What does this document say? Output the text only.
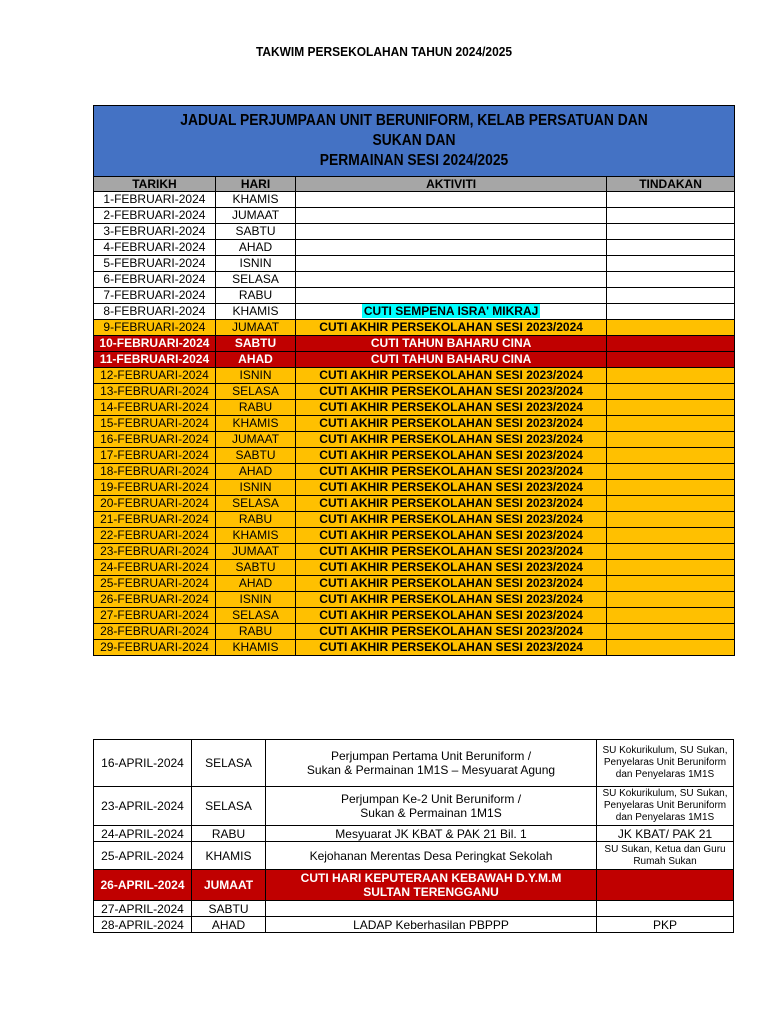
TAKWIM PERSEKOLAHAN TAHUN 2024/2025
JADUAL PERJUMPAAN UNIT BERUNIFORM, KELAB PERSATUAN DAN SUKAN DAN
PERMAINAN SESI 2024/2025
TARIKH	HARI	AKTIVITI	TINDAKAN
1-FEBRUARI-2024	KHAMIS		
2-FEBRUARI-2024	JUMAAT		
3-FEBRUARI-2024	SABTU		
4-FEBRUARI-2024	AHAD		
5-FEBRUARI-2024	ISNIN		
6-FEBRUARI-2024	SELASA		
7-FEBRUARI-2024	RABU		
8-FEBRUARI-2024	KHAMIS	CUTI SEMPENA ISRA' MIKRAJ	
9-FEBRUARI-2024	JUMAAT	CUTI AKHIR PERSEKOLAHAN SESI 2023/2024	
10-FEBRUARI-2024	SABTU	CUTI TAHUN BAHARU CINA	
11-FEBRUARI-2024	AHAD	CUTI TAHUN BAHARU CINA	
12-FEBRUARI-2024	ISNIN	CUTI AKHIR PERSEKOLAHAN SESI 2023/2024	
13-FEBRUARI-2024	SELASA	CUTI AKHIR PERSEKOLAHAN SESI 2023/2024	
14-FEBRUARI-2024	RABU	CUTI AKHIR PERSEKOLAHAN SESI 2023/2024	
15-FEBRUARI-2024	KHAMIS	CUTI AKHIR PERSEKOLAHAN SESI 2023/2024	
16-FEBRUARI-2024	JUMAAT	CUTI AKHIR PERSEKOLAHAN SESI 2023/2024	
17-FEBRUARI-2024	SABTU	CUTI AKHIR PERSEKOLAHAN SESI 2023/2024	
18-FEBRUARI-2024	AHAD	CUTI AKHIR PERSEKOLAHAN SESI 2023/2024	
19-FEBRUARI-2024	ISNIN	CUTI AKHIR PERSEKOLAHAN SESI 2023/2024	
20-FEBRUARI-2024	SELASA	CUTI AKHIR PERSEKOLAHAN SESI 2023/2024	
21-FEBRUARI-2024	RABU	CUTI AKHIR PERSEKOLAHAN SESI 2023/2024	
22-FEBRUARI-2024	KHAMIS	CUTI AKHIR PERSEKOLAHAN SESI 2023/2024	
23-FEBRUARI-2024	JUMAAT	CUTI AKHIR PERSEKOLAHAN SESI 2023/2024	
24-FEBRUARI-2024	SABTU	CUTI AKHIR PERSEKOLAHAN SESI 2023/2024	
25-FEBRUARI-2024	AHAD	CUTI AKHIR PERSEKOLAHAN SESI 2023/2024	
26-FEBRUARI-2024	ISNIN	CUTI AKHIR PERSEKOLAHAN SESI 2023/2024	
27-FEBRUARI-2024	SELASA	CUTI AKHIR PERSEKOLAHAN SESI 2023/2024	
28-FEBRUARI-2024	RABU	CUTI AKHIR PERSEKOLAHAN SESI 2023/2024	
29-FEBRUARI-2024	KHAMIS	CUTI AKHIR PERSEKOLAHAN SESI 2023/2024	
16-APRIL-2024	SELASA	Perjumpan Pertama Unit Beruniform /
Sukan & Permainan 1M1S – Mesyuarat Agung	SU Kokurikulum, SU Sukan,
Penyelaras Unit Beruniform
dan Penyelaras 1M1S
23-APRIL-2024	SELASA	Perjumpan Ke-2 Unit Beruniform /
Sukan & Permainan 1M1S	SU Kokurikulum, SU Sukan,
Penyelaras Unit Beruniform
dan Penyelaras 1M1S
24-APRIL-2024	RABU	Mesyuarat JK KBAT & PAK 21 Bil. 1	JK KBAT/ PAK 21
25-APRIL-2024	KHAMIS	Kejohanan Merentas Desa Peringkat Sekolah	SU Sukan, Ketua dan Guru
Rumah Sukan
26-APRIL-2024	JUMAAT	CUTI HARI KEPUTERAAN KEBAWAH D.Y.M.M
SULTAN TERENGGANU	
27-APRIL-2024	SABTU		
28-APRIL-2024	AHAD	LADAP Keberhasilan PBPPP	PKP
